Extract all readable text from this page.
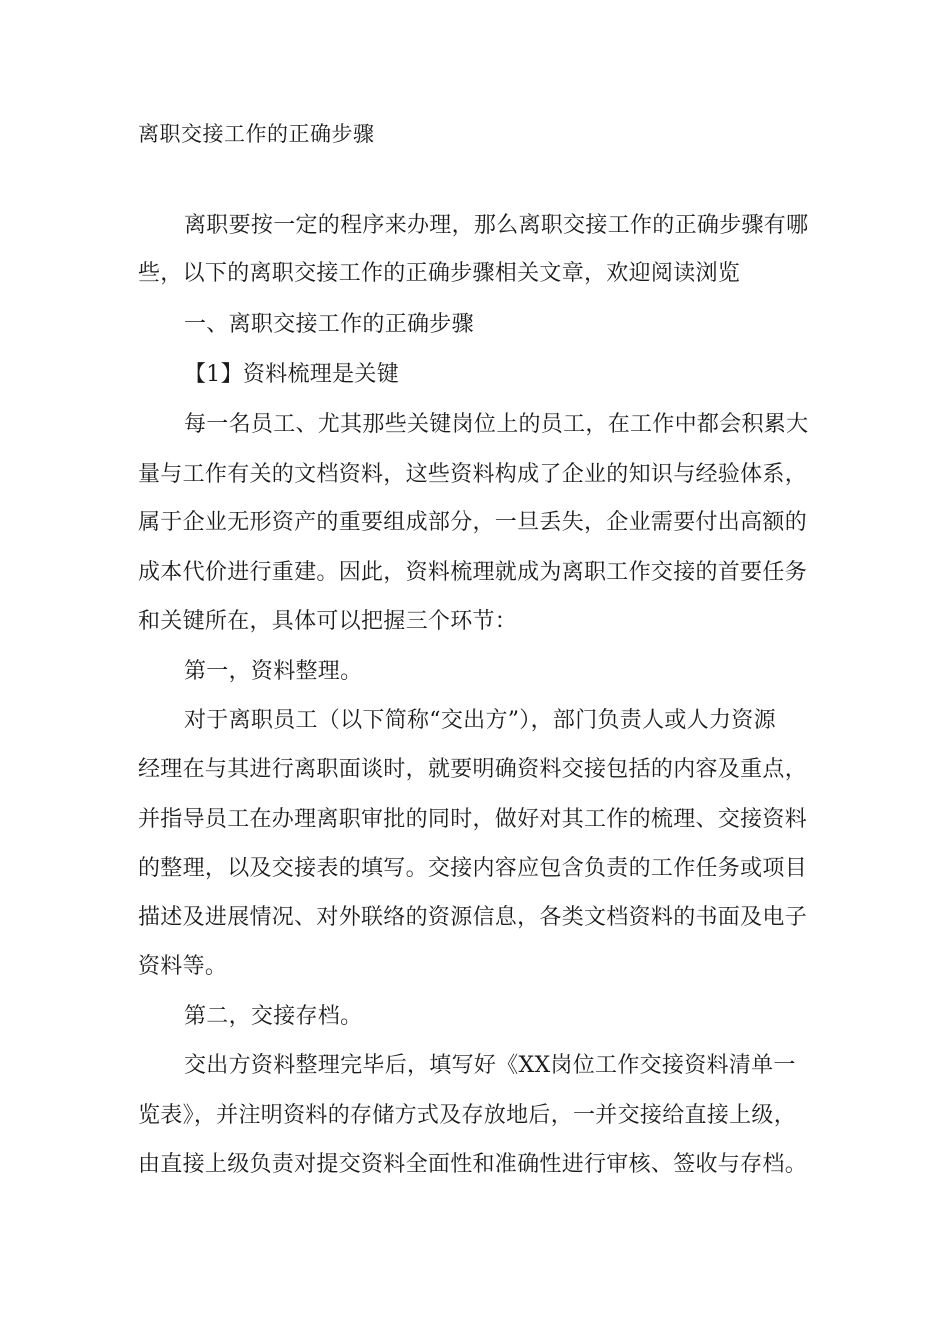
离职交接工作的正确步骤
离职要按一定的程序来办理，那么离职交接工作的正确步骤有哪
些，以下的离职交接工作的正确步骤相关文章，欢迎阅读浏览
一、离职交接工作的正确步骤
【1】资料梳理是关键
每一名员工、尤其那些关键岗位上的员工，在工作中都会积累大
量与工作有关的文档资料，这些资料构成了企业的知识与经验体系，
属于企业无形资产的重要组成部分，一旦丢失，企业需要付出高额的
成本代价进行重建。因此，资料梳理就成为离职工作交接的首要任务
和关键所在，具体可以把握三个环节：
第一，资料整理。
对于离职员工（以下简称“交出方”），部门负责人或人力资源
经理在与其进行离职面谈时，就要明确资料交接包括的内容及重点，
并指导员工在办理离职审批的同时，做好对其工作的梳理、交接资料
的整理，以及交接表的填写。交接内容应包含负责的工作任务或项目
描述及进展情况、对外联络的资源信息，各类文档资料的书面及电子
资料等。
第二，交接存档。
交出方资料整理完毕后，填写好《XX岗位工作交接资料清单一
览表》，并注明资料的存储方式及存放地后，一并交接给直接上级，
由直接上级负责对提交资料全面性和准确性进行审核、签收与存档。
